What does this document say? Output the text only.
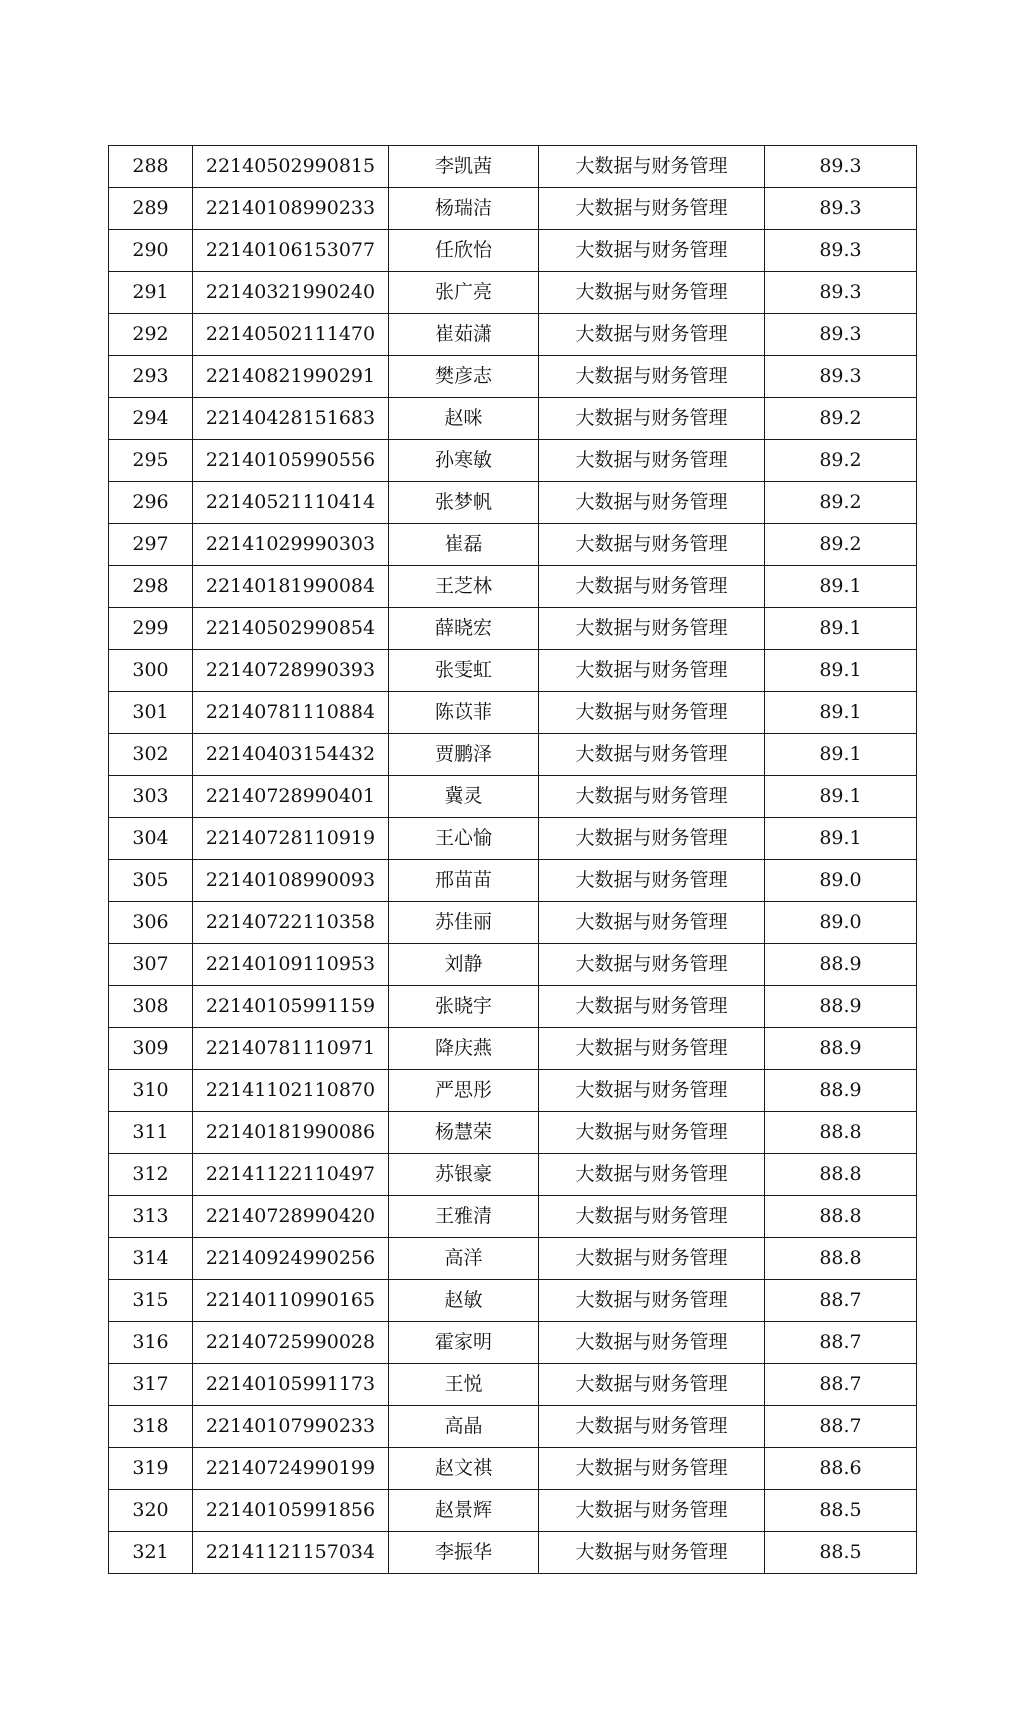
288	22140502990815	李凯茜	大数据与财务管理	89.3
289	22140108990233	杨瑞洁	大数据与财务管理	89.3
290	22140106153077	任欣怡	大数据与财务管理	89.3
291	22140321990240	张广亮	大数据与财务管理	89.3
292	22140502111470	崔茹潇	大数据与财务管理	89.3
293	22140821990291	樊彦志	大数据与财务管理	89.3
294	22140428151683	赵咪	大数据与财务管理	89.2
295	22140105990556	孙寒敏	大数据与财务管理	89.2
296	22140521110414	张梦帆	大数据与财务管理	89.2
297	22141029990303	崔磊	大数据与财务管理	89.2
298	22140181990084	王芝林	大数据与财务管理	89.1
299	22140502990854	薛晓宏	大数据与财务管理	89.1
300	22140728990393	张雯虹	大数据与财务管理	89.1
301	22140781110884	陈苡菲	大数据与财务管理	89.1
302	22140403154432	贾鹏泽	大数据与财务管理	89.1
303	22140728990401	冀灵	大数据与财务管理	89.1
304	22140728110919	王心愉	大数据与财务管理	89.1
305	22140108990093	邢苗苗	大数据与财务管理	89.0
306	22140722110358	苏佳丽	大数据与财务管理	89.0
307	22140109110953	刘静	大数据与财务管理	88.9
308	22140105991159	张晓宇	大数据与财务管理	88.9
309	22140781110971	降庆燕	大数据与财务管理	88.9
310	22141102110870	严思彤	大数据与财务管理	88.9
311	22140181990086	杨慧荣	大数据与财务管理	88.8
312	22141122110497	苏银豪	大数据与财务管理	88.8
313	22140728990420	王雅清	大数据与财务管理	88.8
314	22140924990256	高洋	大数据与财务管理	88.8
315	22140110990165	赵敏	大数据与财务管理	88.7
316	22140725990028	霍家明	大数据与财务管理	88.7
317	22140105991173	王悦	大数据与财务管理	88.7
318	22140107990233	高晶	大数据与财务管理	88.7
319	22140724990199	赵文祺	大数据与财务管理	88.6
320	22140105991856	赵景辉	大数据与财务管理	88.5
321	22141121157034	李振华	大数据与财务管理	88.5
